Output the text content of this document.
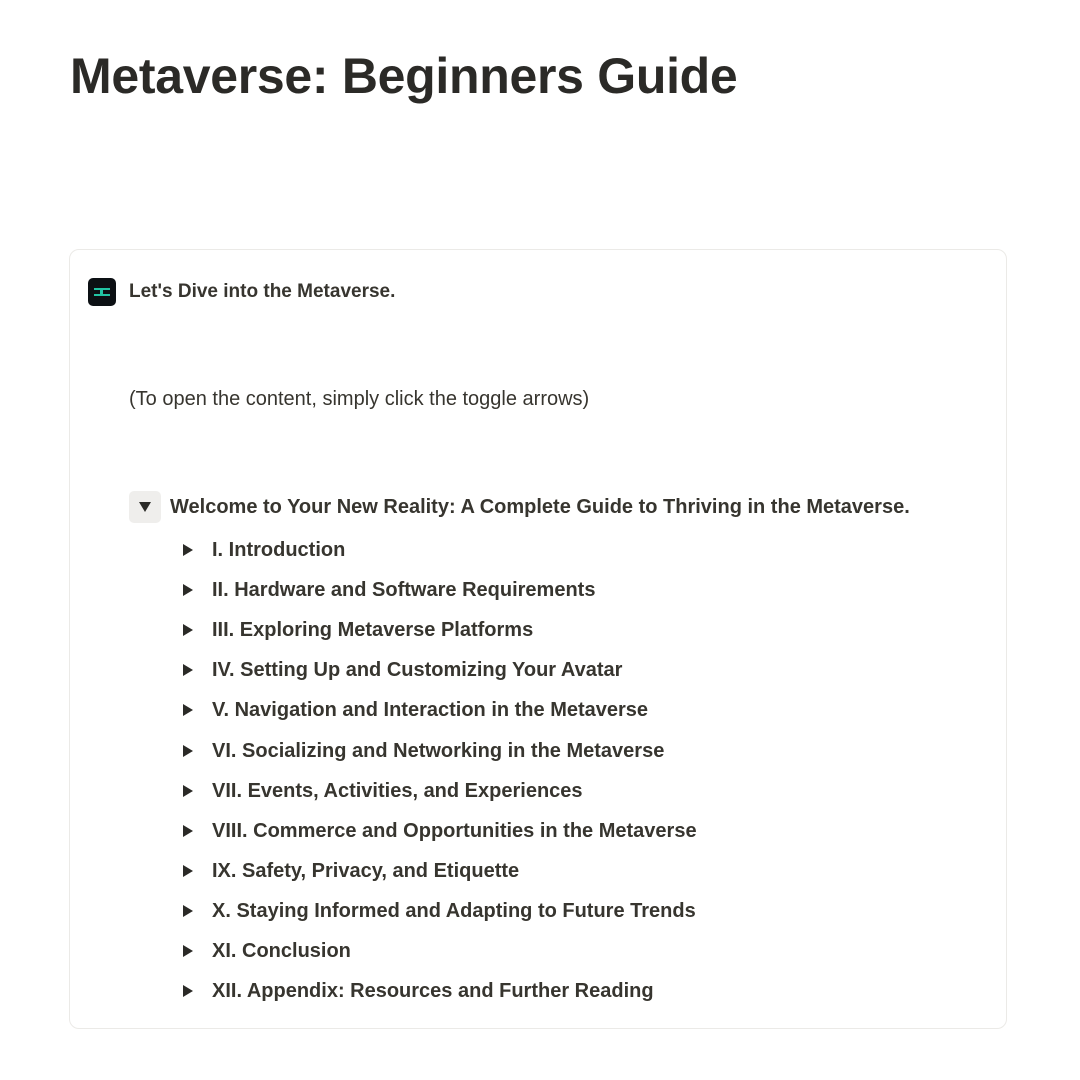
Metaverse: Beginners Guide
Let's Dive into the Metaverse.
(To open the content, simply click the toggle arrows)
Welcome to Your New Reality: A Complete Guide to Thriving in the Metaverse.
I. Introduction
II. Hardware and Software Requirements
III. Exploring Metaverse Platforms
IV. Setting Up and Customizing Your Avatar
V. Navigation and Interaction in the Metaverse
VI. Socializing and Networking in the Metaverse
VII. Events, Activities, and Experiences
VIII. Commerce and Opportunities in the Metaverse
IX. Safety, Privacy, and Etiquette
X. Staying Informed and Adapting to Future Trends
XI. Conclusion
XII. Appendix: Resources and Further Reading
